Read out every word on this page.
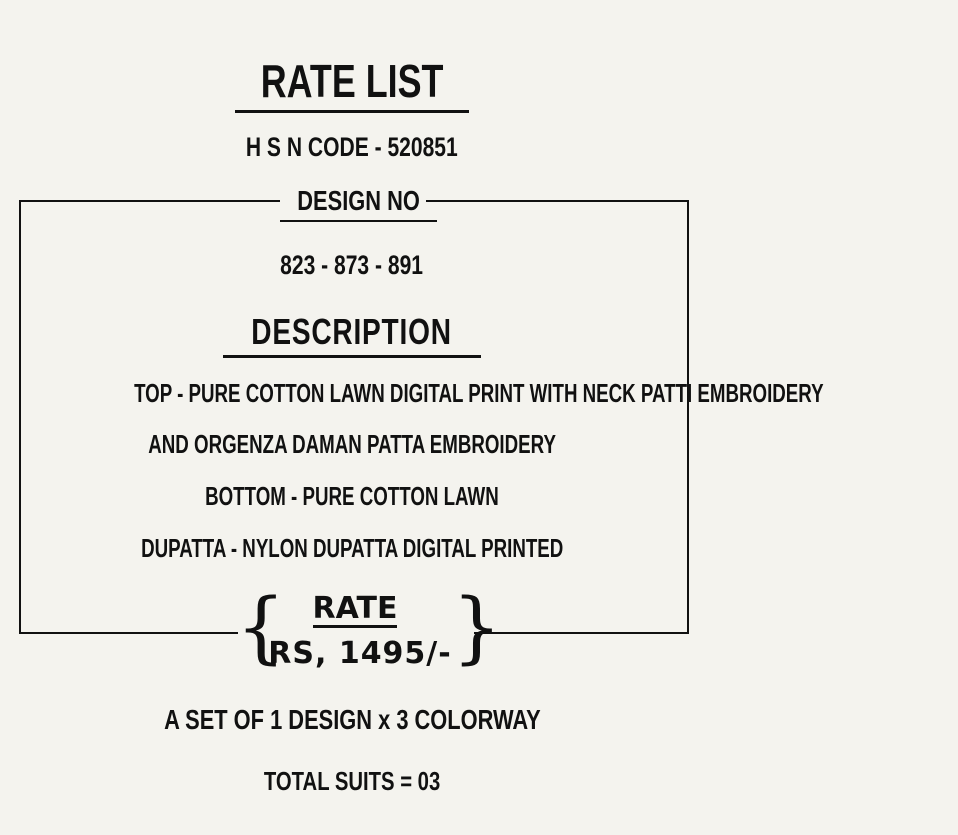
RATE LIST
H S N CODE - 520851
DESIGN NO
823 - 873 - 891
DESCRIPTION
TOP - PURE COTTON LAWN DIGITAL PRINT WITH NECK PATTI EMBROIDERY
AND ORGENZA DAMAN PATTA EMBROIDERY
BOTTOM - PURE COTTON LAWN
DUPATTA - NYLON DUPATTA DIGITAL PRINTED
{ }
RATE
RS, 1495/-
A SET OF 1 DESIGN x 3 COLORWAY
TOTAL SUITS = 03
